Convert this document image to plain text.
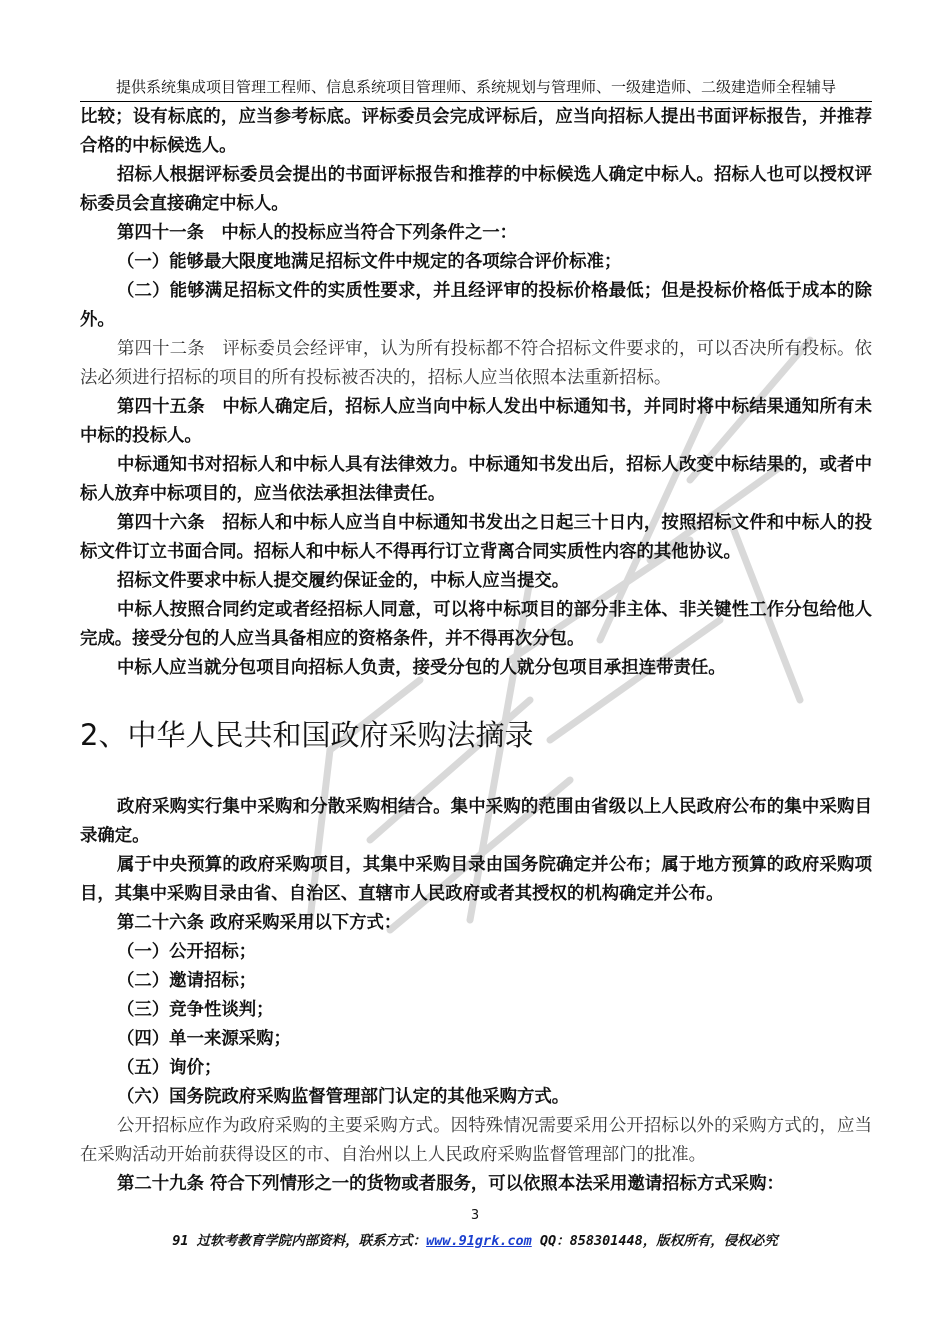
提供系统集成项目管理工程师、信息系统项目管理师、系统规划与管理师、一级建造师、二级建造师全程辅导

比较；设有标底的，应当参考标底。评标委员会完成评标后，应当向招标人提出书面评标报告，并推荐合格的中标候选人。

招标人根据评标委员会提出的书面评标报告和推荐的中标候选人确定中标人。招标人也可以授权评标委员会直接确定中标人。

第四十一条　中标人的投标应当符合下列条件之一：

（一）能够最大限度地满足招标文件中规定的各项综合评价标准；

（二）能够满足招标文件的实质性要求，并且经评审的投标价格最低；但是投标价格低于成本的除外。

第四十二条　评标委员会经评审，认为所有投标都不符合招标文件要求的，可以否决所有投标。依法必须进行招标的项目的所有投标被否决的，招标人应当依照本法重新招标。

第四十五条　中标人确定后，招标人应当向中标人发出中标通知书，并同时将中标结果通知所有未中标的投标人。

中标通知书对招标人和中标人具有法律效力。中标通知书发出后，招标人改变中标结果的，或者中标人放弃中标项目的，应当依法承担法律责任。

第四十六条　招标人和中标人应当自中标通知书发出之日起三十日内，按照招标文件和中标人的投标文件订立书面合同。招标人和中标人不得再行订立背离合同实质性内容的其他协议。

招标文件要求中标人提交履约保证金的，中标人应当提交。

中标人按照合同约定或者经招标人同意，可以将中标项目的部分非主体、非关键性工作分包给他人完成。接受分包的人应当具备相应的资格条件，并不得再次分包。

中标人应当就分包项目向招标人负责，接受分包的人就分包项目承担连带责任。

2、中华人民共和国政府采购法摘录

政府采购实行集中采购和分散采购相结合。集中采购的范围由省级以上人民政府公布的集中采购目录确定。

属于中央预算的政府采购项目，其集中采购目录由国务院确定并公布；属于地方预算的政府采购项目，其集中采购目录由省、自治区、直辖市人民政府或者其授权的机构确定并公布。

第二十六条 政府采购采用以下方式：

（一）公开招标；

（二）邀请招标；

（三）竞争性谈判；

（四）单一来源采购；

（五）询价；

（六）国务院政府采购监督管理部门认定的其他采购方式。

公开招标应作为政府采购的主要采购方式。因特殊情况需要采用公开招标以外的采购方式的，应当在采购活动开始前获得设区的市、自治州以上人民政府采购监督管理部门的批准。

第二十九条 符合下列情形之一的货物或者服务，可以依照本法采用邀请招标方式采购：

3
91 过软考教育学院内部资料，联系方式：www.91grk.com QQ：858301448，版权所有，侵权必究
